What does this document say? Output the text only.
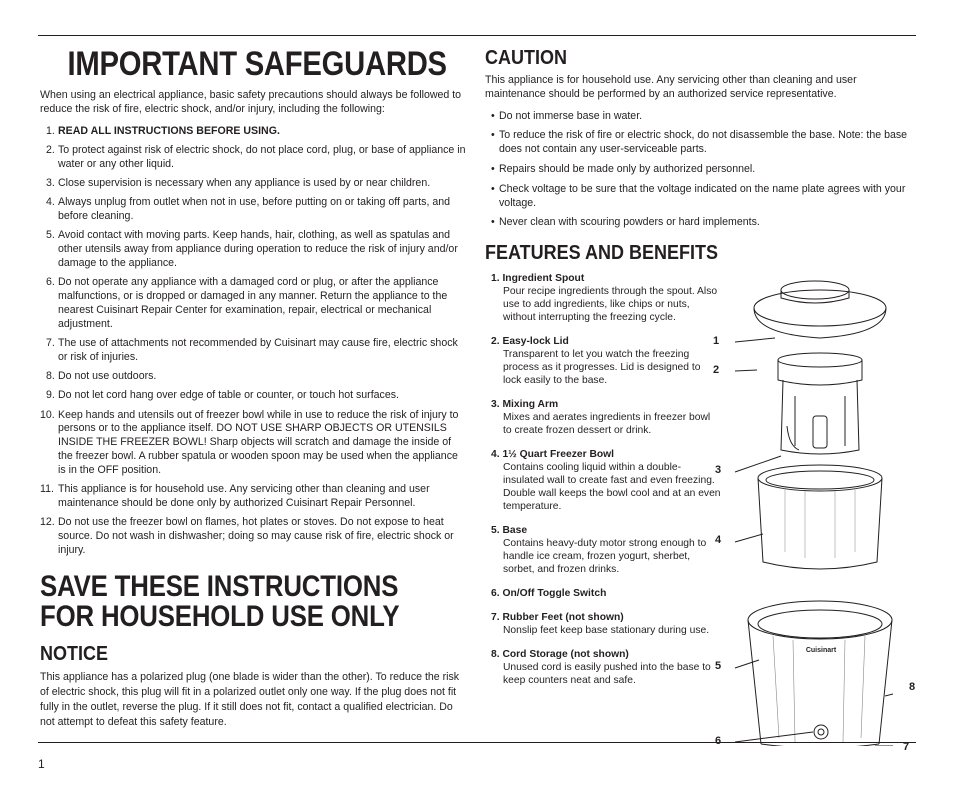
IMPORTANT SAFEGUARDS

When using an electrical appliance, basic safety precautions should always be followed to reduce the risk of fire, electric shock, and/or injury, including the following:

1. READ ALL INSTRUCTIONS BEFORE USING.
2. To protect against risk of electric shock, do not place cord, plug, or base of appliance in water or any other liquid.
3. Close supervision is necessary when any appliance is used by or near children.
4. Always unplug from outlet when not in use, before putting on or taking off parts, and before cleaning.
5. Avoid contact with moving parts. Keep hands, hair, clothing, as well as spatulas and other utensils away from appliance during operation to reduce the risk of injury and/or damage to the appliance.
6. Do not operate any appliance with a damaged cord or plug, or after the appliance malfunctions, or is dropped or damaged in any manner. Return the appliance to the nearest Cuisinart Repair Center for examination, repair, electrical or mechanical adjustment.
7. The use of attachments not recommended by Cuisinart may cause fire, electric shock or risk of injuries.
8. Do not use outdoors.
9. Do not let cord hang over edge of table or counter, or touch hot surfaces.
10. Keep hands and utensils out of freezer bowl while in use to reduce the risk of injury to persons or to the appliance itself. DO NOT USE SHARP OBJECTS OR UTENSILS INSIDE THE FREEZER BOWL! Sharp objects will scratch and damage the inside of the freezer bowl. A rubber spatula or wooden spoon may be used when the appliance is in the OFF position.
11. This appliance is for household use. Any servicing other than cleaning and user maintenance should be done only by authorized Cuisinart Repair Personnel.
12. Do not use the freezer bowl on flames, hot plates or stoves. Do not expose to heat source. Do not wash in dishwasher; doing so may cause risk of fire, electric shock or injury.
SAVE THESE INSTRUCTIONS
FOR HOUSEHOLD USE ONLY
NOTICE

This appliance has a polarized plug (one blade is wider than the other). To reduce the risk of electric shock, this plug will fit in a polarized outlet only one way. If the plug does not fit fully in the outlet, reverse the plug. If it still does not fit, contact a qualified electrician. Do not attempt to defeat this safety feature.

CAUTION

This appliance is for household use. Any servicing other than cleaning and user maintenance should be performed by an authorized service representative.

• Do not immerse base in water.
• To reduce the risk of fire or electric shock, do not disassemble the base. Note: the base does not contain any user-serviceable parts.
• Repairs should be made only by authorized personnel.
• Check voltage to be sure that the voltage indicated on the name plate agrees with your voltage.
• Never clean with scouring powders or hard implements.
FEATURES AND BENEFITS
1. Ingredient Spout
Pour recipe ingredients through the spout. Also use to add ingredients, like chips or nuts, without interrupting the freezing cycle.
2. Easy-lock Lid
Transparent to let you watch the freezing process as it progresses. Lid is designed to lock easily to the base.
3. Mixing Arm
Mixes and aerates ingredients in freezer bowl to create frozen dessert or drink.
4. 1½ Quart Freezer Bowl
Contains cooling liquid within a double-insulated wall to create fast and even freezing. Double wall keeps the bowl cool and at an even temperature.
5. Base
Contains heavy-duty motor strong enough to handle ice cream, frozen yogurt, sherbet, sorbet, and frozen drinks.
6. On/Off Toggle Switch
7. Rubber Feet (not shown)
Nonslip feet keep base stationary during use.
8. Cord Storage (not shown)
Unused cord is easily pushed into the base to keep counters neat and safe.
Cuisinart
1
2
3
4
5
6	7
8
1
